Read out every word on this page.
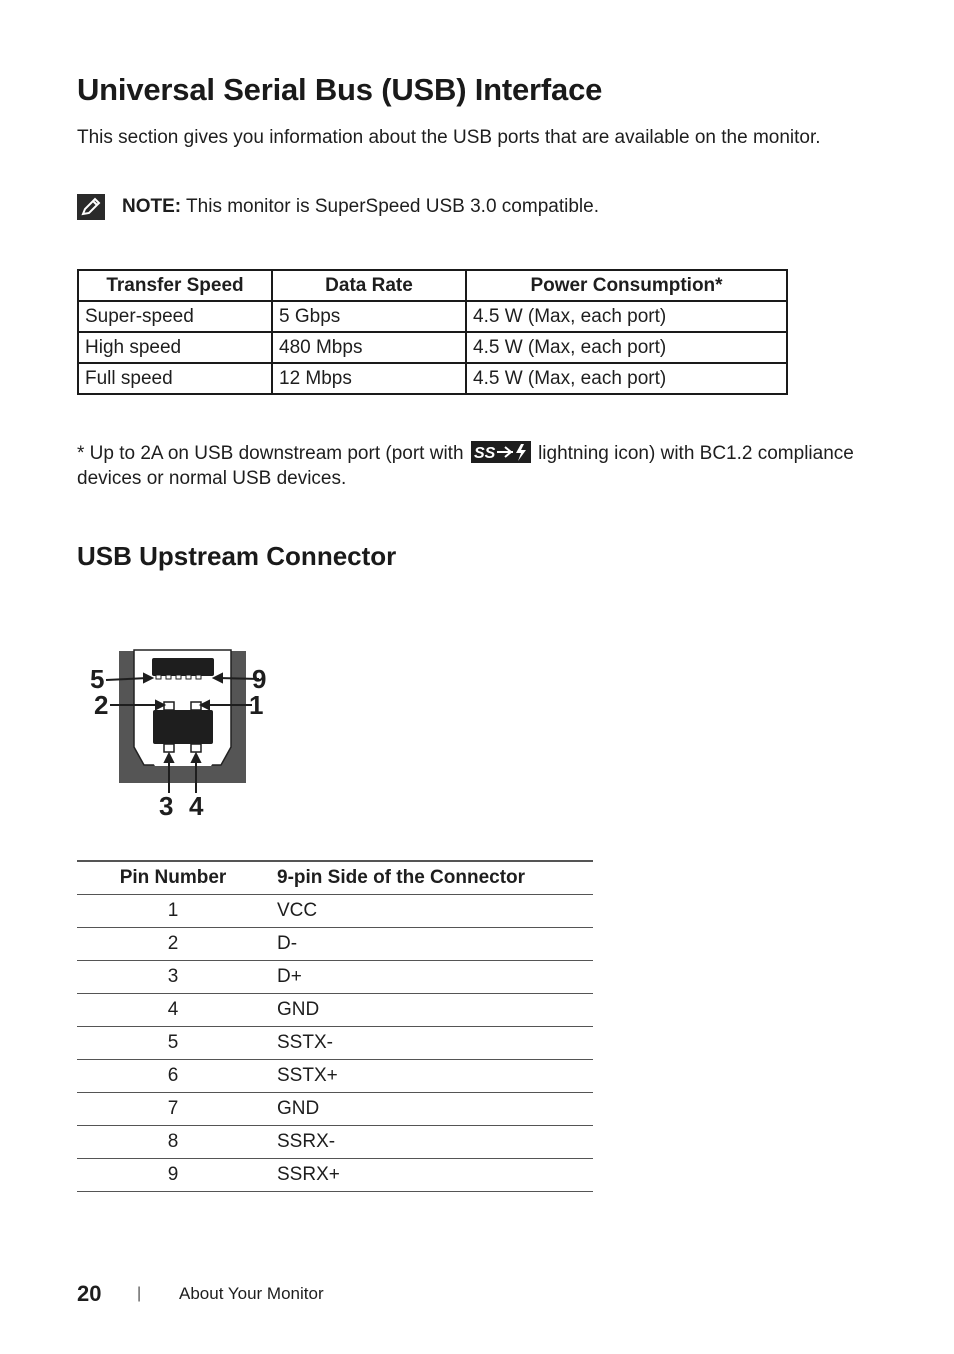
Universal Serial Bus (USB) Interface

This section gives you information about the USB ports that are available on the monitor.

NOTE: This monitor is SuperSpeed USB 3.0 compatible.
Transfer Speed	Data Rate	Power Consumption*
Super-speed	5 Gbps	4.5 W (Max, each port)
High speed	480 Mbps	4.5 W (Max, each port)
Full speed	12 Mbps	4.5 W (Max, each port)

* Up to 2A on USB downstream port (port with SS lightning icon) with BC1.2 compliance devices or normal USB devices.

USB Upstream Connector
5	9
2	1
3 4
Pin Number	9-pin Side of the Connector
1	VCC
2	D-
3	D+
4	GND
5	SSTX-
6	SSTX+
7	GND
8	SSRX-
9	SSRX+
20	|	About Your Monitor
